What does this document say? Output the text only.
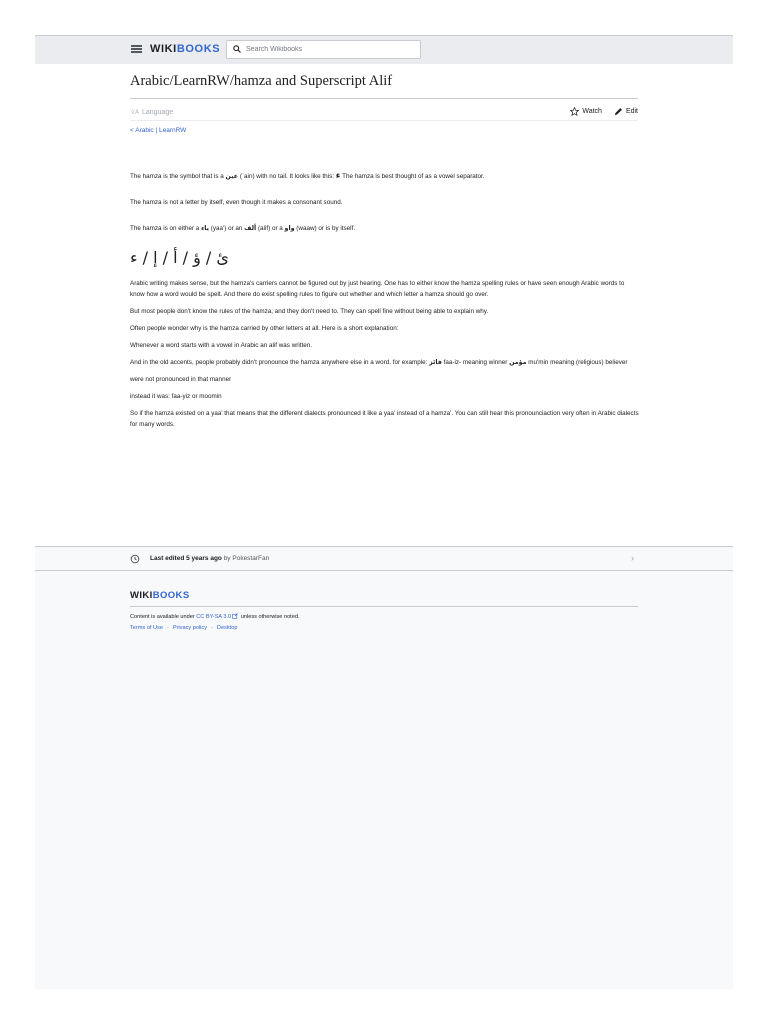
WIKIBOOKS
Search Wikibooks
Arabic/LearnRW/hamza and Superscript Alif
文A Language	Watch	Edit
< Arabic | LearnRW

The hamza is the symbol that is a عين (ʿain) with no tail. It looks like this: ء The hamza is best thought of as a vowel separator.

The hamza is not a letter by itself, even though it makes a consonant sound.

The hamza is on either a ياء (yaa') or an ألف (alif) or a واو (waaw) or is by itself.

ئ / ؤ / أ / إ / ء

Arabic writing makes sense, but the hamza's carriers cannot be figured out by just hearing. One has to either know the hamza spelling rules or have seen enough Arabic words to know how a word would be spelt. And there do exist spelling rules to figure out whether and which letter a hamza should go over.

But most people don't know the rules of the hamza, and they don't need to. They can spell fine without being able to explain why.

Often people wonder why is the hamza carried by other letters at all. Here is a short explanation:

Whenever a word starts with a vowel in Arabic an alif was written.

And in the old accents, people probably didn't pronounce the hamza anywhere else in a word. for example: فائز faa-iz- meaning winner مؤمن mu'min meaning (religious) believer

were not pronounced in that manner

instead it was: faa-yiz or moomin

So if the hamza existed on a yaa' that means that the different dialects pronounced it like a yaa' instead of a hamza'. You can still hear this pronounciaction very often in Arabic dialects for many words.

Last edited 5 years ago by PokestarFan	›
WIKIBOOKS
Content is available under CC BY-SA 3.0 unless otherwise noted.
Terms of Use · Privacy policy · Desktop
